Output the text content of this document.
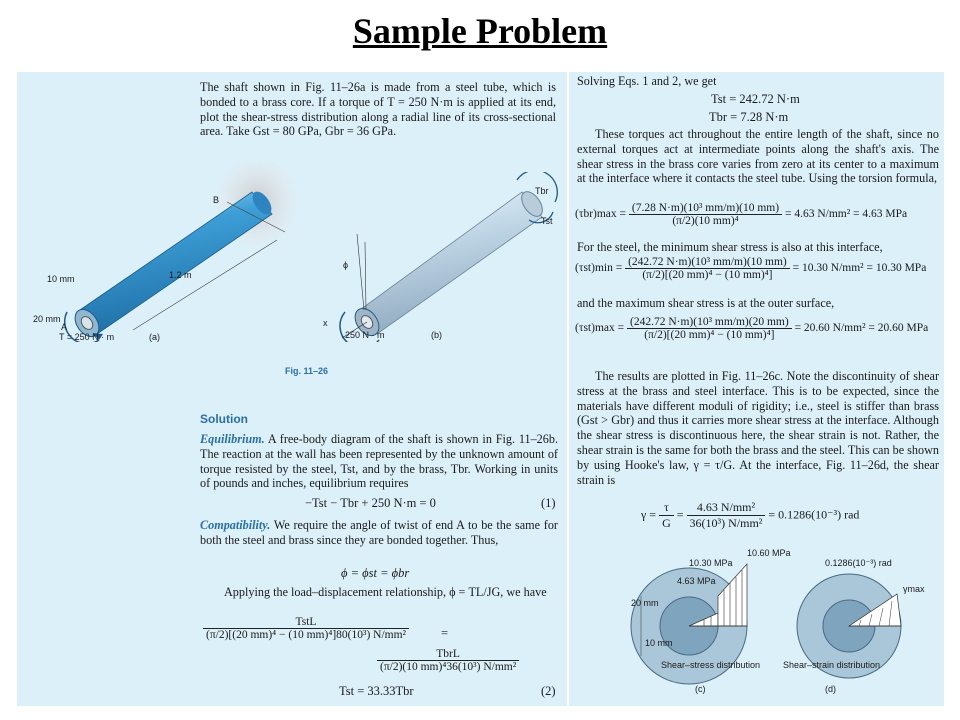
Sample Problem
The shaft shown in Fig. 11–26a is made from a steel tube, which is bonded to a brass core. If a torque of T = 250 N·m is applied at its end, plot the shear-stress distribution along a radial line of its cross-sectional area. Take Gst = 80 GPa, Gbr = 36 GPa.
B
1.2 m
10 mm
20 mm
A
T = 250 N · m	(a)
Tbr
Tst
ϕ
x
250 N · m	(b)
Fig. 11–26
Solution
Equilibrium. A free-body diagram of the shaft is shown in Fig. 11–26b. The reaction at the wall has been represented by the unknown amount of torque resisted by the steel, Tst, and by the brass, Tbr. Working in units of pounds and inches, equilibrium requires
−Tst − Tbr + 250 N·m = 0	(1)
Compatibility. We require the angle of twist of end A to be the same for both the steel and brass since they are bonded together. Thus,
ϕ = ϕst = ϕbr
Applying the load–displacement relationship, ϕ = TL/JG, we have
$\frac{\text{TstL}}{\text{(π/2)[(20 mm)⁴ − (10 mm)⁴]80(10³) N/mm²}}$	=
$\frac{\text{TbrL}}{\text{(π/2)(10 mm)⁴36(10³) N/mm²}}$
Tst = 33.33Tbr	(2)
Solving Eqs. 1 and 2, we get
Tst = 242.72 N·m
Tbr = 7.28 N·m
These torques act throughout the entire length of the shaft, since no external torques act at intermediate points along the shaft's axis. The shear stress in the brass core varies from zero at its center to a maximum at the interface where it contacts the steel tube. Using the torsion formula,
$(\tau br)\max = \frac{\text{(7.28 N·m)(10³ mm/m)(10 mm)}}{\text{(π/2)(10 mm)⁴}} = 4.63$ N/mm² = 4.63 MPa
For the steel, the minimum shear stress is also at this interface,
$(\tau st)\min = \frac{\text{(242.72 N·m)(10³ mm/m)(10 mm)}}{\text{(π/2)[(20 mm)⁴ − (10 mm)⁴]}} = 10.30$ N/mm² = 10.30 MPa
and the maximum shear stress is at the outer surface,
$(\tau st)\max = \frac{\text{(242.72 N·m)(10³ mm/m)(20 mm)}}{\text{(π/2)[(20 mm)⁴ − (10 mm)⁴]}} = 20.60$ N/mm² = 20.60 MPa
The results are plotted in Fig. 11–26c. Note the discontinuity of shear stress at the brass and steel interface. This is to be expected, since the materials have different moduli of rigidity; i.e., steel is stiffer than brass (Gst > Gbr) and thus it carries more shear stress at the interface. Although the shear stress is discontinuous here, the shear strain is not. Rather, the shear strain is the same for both the brass and the steel. This can be shown by using Hooke's law, γ = τ/G. At the interface, Fig. 11–26d, the shear strain is
$\gamma = \frac{\tau}{G} = \frac{\text{4.63 N/mm²}}{\text{36(10³) N/mm²}} = 0.1286(10^{-3})$ rad
10.60 MPa
10.30 MPa
4.63 MPa
20 mm
10 mm
Shear–stress distribution
(c)
0.1286(10⁻³) rad
γmax
Shear–strain distribution
(d)
